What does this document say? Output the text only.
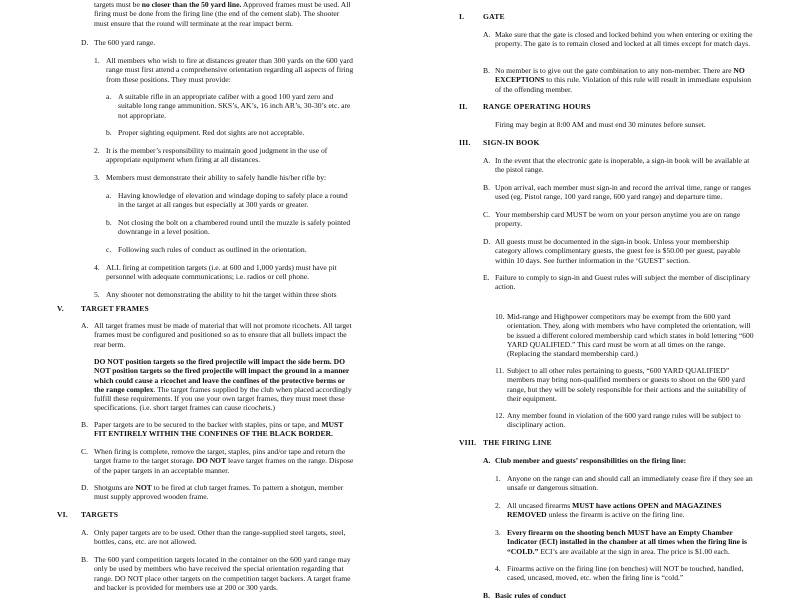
targets must be no closer than the 50 yard line. Approved frames must be used. All firing must be done from the firing line (the end of the cement slab). The shooter must ensure that the round will terminate at the rear impact berm.
D. The 600 yard range.
1. All members who wish to fire at distances greater than 300 yards on the 600 yard range must first attend a comprehensive orientation regarding all aspects of firing from these positions. They must provide:
a. A suitable rifle in an appropriate caliber with a good 100 yard zero and suitable long range ammunition. SKS’s, AK’s, 16 inch AR’s, 30-30’s etc. are not appropriate.
b. Proper sighting equipment. Red dot sights are not acceptable.
2. It is the member’s responsibility to maintain good judgment in the use of appropriate equipment when firing at all distances.
3. Members must demonstrate their ability to safely handle his/her rifle by:
a. Having knowledge of elevation and windage doping to safely place a round in the target at all ranges but especially at 300 yards or greater.
b. Not closing the bolt on a chambered round until the muzzle is safely pointed downrange in a level position.
c. Following such rules of conduct as outlined in the orientation.
4. ALL firing at competition targets (i.e. at 600 and 1,000 yards) must have pit personnel with adequate communications; i.e. radios or cell phone.
5. Any shooter not demonstrating the ability to hit the target within three shots
V. TARGET FRAMES
A. All target frames must be made of material that will not promote ricochets. All target frames must be configured and positioned so as to ensure that all bullets impact the rear berm.
DO NOT position targets so the fired projectile will impact the side berm. DO NOT position targets so the fired projectile will impact the ground in a manner which could cause a ricochet and leave the confines of the protective berms or the range complex. The target frames supplied by the club when placed accordingly fulfill these requirements. If you use your own target frames, they must meet these specifications. (i.e. short target frames can cause ricochets.)
B. Paper targets are to be secured to the backer with staples, pins or tape, and MUST FIT ENTIRELY WITHIN THE CONFINES OF THE BLACK BORDER.
C. When firing is complete, remove the target, staples, pins and/or tape and return the target frame to the target storage. DO NOT leave target frames on the range. Dispose of the paper targets in an acceptable manner.
D. Shotguns are NOT to be fired at club target frames. To pattern a shotgun, member must supply approved wooden frame.
VI. TARGETS
A. Only paper targets are to be used. Other than the range-supplied steel targets, steel, bottles, cans, etc. are not allowed.
B. The 600 yard competition targets located in the container on the 600 yard range may only be used by members who have received the special orientation regarding that range. DO NOT place other targets on the competition target backers. A target frame and backer is provided for members use at 200 or 300 yards.
I. GATE
A. Make sure that the gate is closed and locked behind you when entering or exiting the property. The gate is to remain closed and locked at all times except for match days.
B. No member is to give out the gate combination to any non-member. There are NO EXCEPTIONS to this rule. Violation of this rule will result in immediate expulsion of the offending member.
II. RANGE OPERATING HOURS
Firing may begin at 8:00 AM and must end 30 minutes before sunset.
III. SIGN-IN BOOK
A. In the event that the electronic gate is inoperable, a sign-in book will be available at the pistol range.
B. Upon arrival, each member must sign-in and record the arrival time, range or ranges used (eg. Pistol range, 100 yard range, 600 yard range) and departure time.
C. Your membership card MUST be worn on your person anytime you are on range property.
D. All guests must be documented in the sign-in book. Unless your membership category allows complimentary guests, the guest fee is $50.00 per guest, payable within 10 days. See further information in the ‘GUEST’ section.
E. Failure to comply to sign-in and Guest rules will subject the member of disciplinary action.
10. Mid-range and Highpower competitors may be exempt from the 600 yard orientation. They, along with members who have completed the orientation, will be issued a different colored membership card which states in bold lettering “600 YARD QUALIFIED.” This card must be worn at all times on the range. (Replacing the standard membership card.)
11. Subject to all other rules pertaining to guests, “600 YARD QUALIFIED” members may bring non-qualified members or guests to shoot on the 600 yard range, but they will be solely responsible for their actions and the suitability of their equipment.
12. Any member found in violation of the 600 yard range rules will be subject to disciplinary action.
VIII. THE FIRING LINE
A. Club member and guests’ responsibilities on the firing line:
1. Anyone on the range can and should call an immediately cease fire if they see an unsafe or dangerous situation.
2. All uncased firearms MUST have actions OPEN and MAGAZINES REMOVED unless the firearm is active on the firing line.
3. Every firearm on the shooting bench MUST have an Empty Chamber Indicator (ECI) installed in the chamber at all times when the firing line is “COLD.” ECI’s are available at the sign in area. The price is $1.00 each.
4. Firearms active on the firing line (on benches) will NOT be touched, handled, cased, uncased, moved, etc. when the firing line is “cold.”
B. Basic rules of conduct
